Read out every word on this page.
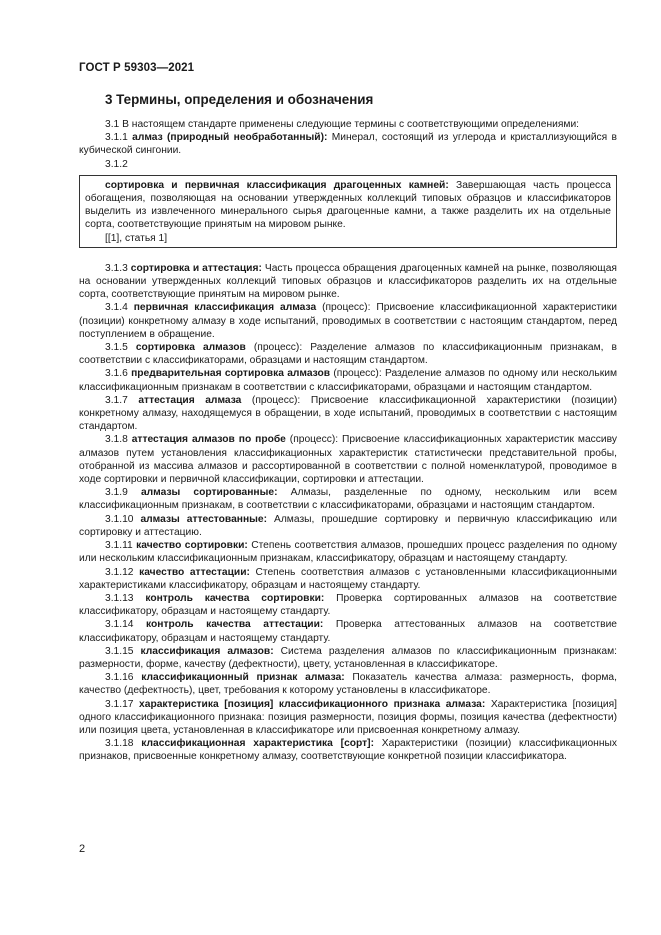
ГОСТ Р 59303—2021
3 Термины, определения и обозначения

3.1 В настоящем стандарте применены следующие термины с соответствующими определениями:

3.1.1 алмаз (природный необработанный): Минерал, состоящий из углерода и кристаллизующийся в кубической сингонии.

3.1.2

сортировка и первичная классификация драгоценных камней: Завершающая часть процесса обогащения, позволяющая на основании утвержденных коллекций типовых образцов и классификаторов выделить из извлеченного минерального сырья драгоценные камни, а также разделить их на отдельные сорта, соответствующие принятым на мировом рынке.

[[1], статья 1]

3.1.3 сортировка и аттестация: Часть процесса обращения драгоценных камней на рынке, позволяющая на основании утвержденных коллекций типовых образцов и классификаторов разделить их на отдельные сорта, соответствующие принятым на мировом рынке.

3.1.4 первичная классификация алмаза (процесс): Присвоение классификационной характеристики (позиции) конкретному алмазу в ходе испытаний, проводимых в соответствии с настоящим стандартом, перед поступлением в обращение.

3.1.5 сортировка алмазов (процесс): Разделение алмазов по классификационным признакам, в соответствии с классификаторами, образцами и настоящим стандартом.

3.1.6 предварительная сортировка алмазов (процесс): Разделение алмазов по одному или нескольким классификационным признакам в соответствии с классификаторами, образцами и настоящим стандартом.

3.1.7 аттестация алмаза (процесс): Присвоение классификационной характеристики (позиции) конкретному алмазу, находящемуся в обращении, в ходе испытаний, проводимых в соответствии с настоящим стандартом.

3.1.8 аттестация алмазов по пробе (процесс): Присвоение классификационных характеристик массиву алмазов путем установления классификационных характеристик статистически представительной пробы, отобранной из массива алмазов и рассортированной в соответствии с полной номенклатурой, проводимое в ходе сортировки и первичной классификации, сортировки и аттестации.

3.1.9 алмазы сортированные: Алмазы, разделенные по одному, нескольким или всем классификационным признакам, в соответствии с классификаторами, образцами и настоящим стандартом.

3.1.10 алмазы аттестованные: Алмазы, прошедшие сортировку и первичную классификацию или сортировку и аттестацию.

3.1.11 качество сортировки: Степень соответствия алмазов, прошедших процесс разделения по одному или нескольким классификационным признакам, классификатору, образцам и настоящему стандарту.

3.1.12 качество аттестации: Степень соответствия алмазов с установленными классификационными характеристиками классификатору, образцам и настоящему стандарту.

3.1.13 контроль качества сортировки: Проверка сортированных алмазов на соответствие классификатору, образцам и настоящему стандарту.

3.1.14 контроль качества аттестации: Проверка аттестованных алмазов на соответствие классификатору, образцам и настоящему стандарту.

3.1.15 классификация алмазов: Система разделения алмазов по классификационным признакам: размерности, форме, качеству (дефектности), цвету, установленная в классификаторе.

3.1.16 классификационный признак алмаза: Показатель качества алмаза: размерность, форма, качество (дефектность), цвет, требования к которому установлены в классификаторе.

3.1.17 характеристика [позиция] классификационного признака алмаза: Характеристика [позиция] одного классификационного признака: позиция размерности, позиция формы, позиция качества (дефектности) или позиция цвета, установленная в классификаторе или присвоенная конкретному алмазу.

3.1.18 классификационная характеристика [сорт]: Характеристики (позиции) классификационных признаков, присвоенные конкретному алмазу, соответствующие конкретной позиции классификатора.

2
